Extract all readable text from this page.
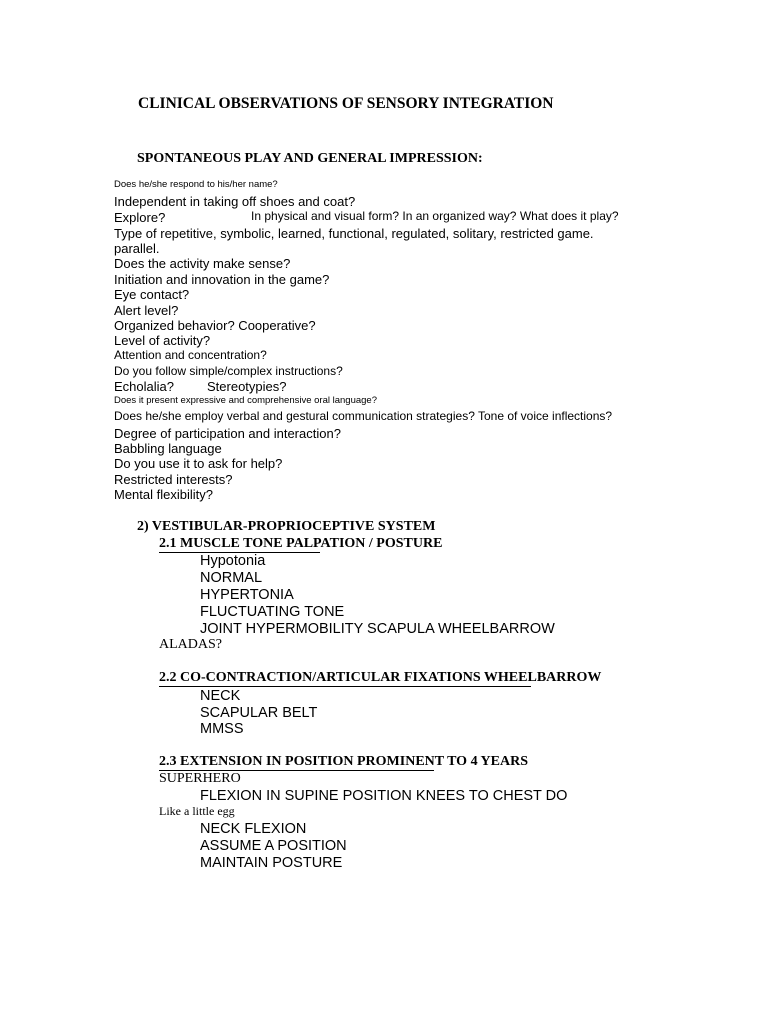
CLINICAL OBSERVATIONS OF SENSORY INTEGRATION
SPONTANEOUS PLAY AND GENERAL IMPRESSION:
Does he/she respond to his/her name?
Independent in taking off shoes and coat?
Explore?	In physical and visual form? In an organized way? What does it play?
Type of repetitive, symbolic, learned, functional, regulated, solitary, restricted game.
parallel.
Does the activity make sense?
Initiation and innovation in the game?
Eye contact?
Alert level?
Organized behavior? Cooperative?
Level of activity?
Attention and concentration?
Do you follow simple/complex instructions?
Echolalia?	Stereotypies?
Does it present expressive and comprehensive oral language?
Does he/she employ verbal and gestural communication strategies? Tone of voice inflections?
Degree of participation and interaction?
Babbling language
Do you use it to ask for help?
Restricted interests?
Mental flexibility?
2) VESTIBULAR-PROPRIOCEPTIVE SYSTEM
2.1 MUSCLE TONE PALPATION / POSTURE
Hypotonia
NORMAL
HYPERTONIA
FLUCTUATING TONE
JOINT HYPERMOBILITY SCAPULA WHEELBARROW
ALADAS?
2.2 CO-CONTRACTION/ARTICULAR FIXATIONS WHEELBARROW
NECK
SCAPULAR BELT
MMSS
2.3 EXTENSION IN POSITION PROMINENT TO 4 YEARS
SUPERHERO
FLEXION IN SUPINE POSITION KNEES TO CHEST DO
Like a little egg
NECK FLEXION
ASSUME A POSITION
MAINTAIN POSTURE
